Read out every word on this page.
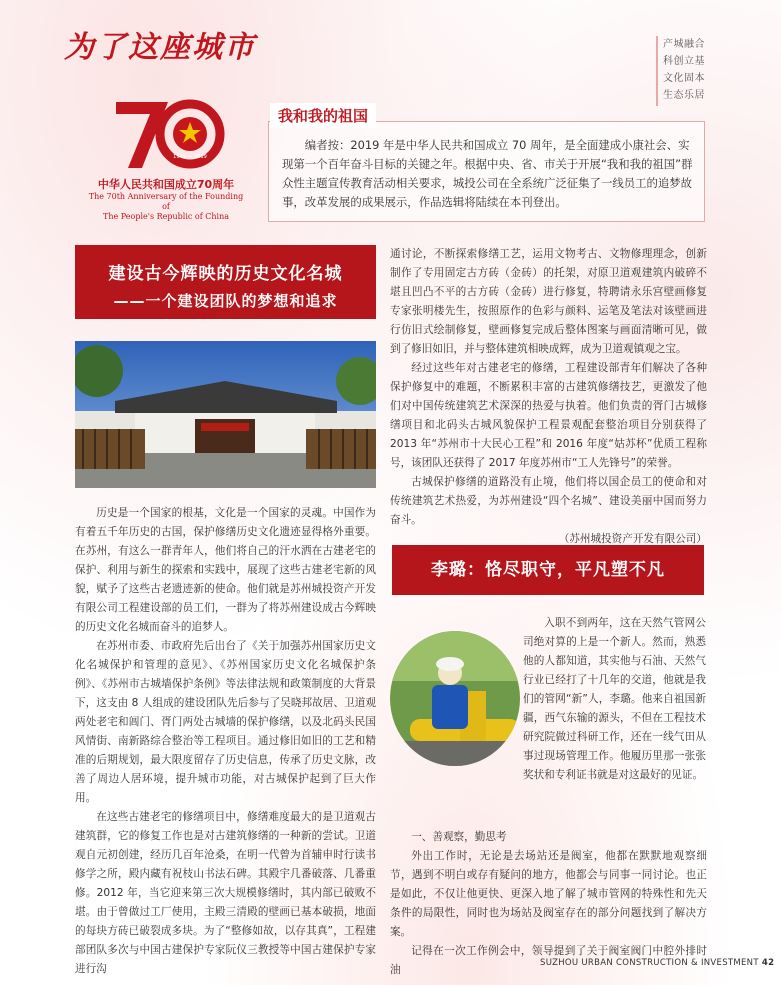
为了这座城市	产城融合
科创立基
文化固本
生态乐居
1949 — 2019
中华人民共和国成立70周年
The 70th Anniversary of the Founding of
The People's Republic of China
我和我的祖国
编者按：2019 年是中华人民共和国成立 70 周年，是全面建成小康社会、实现第一个百年奋斗目标的关键之年。根据中央、省、市关于开展“我和我的祖国”群众性主题宣传教育活动相关要求，城投公司在全系统广泛征集了一线员工的追梦故事，改革发展的成果展示，作品选辑将陆续在本刊登出。
建设古今辉映的历史文化名城
——一个建设团队的梦想和追求

历史是一个国家的根基，文化是一个国家的灵魂。中国作为有着五千年历史的古国，保护修缮历史文化遗迹显得格外重要。在苏州，有这么一群青年人，他们将自己的汗水洒在古建老宅的保护、利用与新生的探索和实践中，展现了这些古建老宅新的风貌，赋予了这些古老遗迹新的使命。他们就是苏州城投资产开发有限公司工程建设部的员工们，一群为了将苏州建设成古今辉映的历史文化名城而奋斗的追梦人。

在苏州市委、市政府先后出台了《关于加强苏州国家历史文化名城保护和管理的意见》、《苏州国家历史文化名城保护条例》、《苏州市古城墙保护条例》等法律法规和政策制度的大背景下，这支由 8 人组成的建设团队先后参与了吴晓邦故居、卫道观两处老宅和阊门、胥门两处古城墙的保护修缮，以及北码头民国风情街、南新路综合整治等工程项目。通过修旧如旧的工艺和精准的后期规划，最大限度留存了历史信息，传承了历史文脉，改善了周边人居环境，提升城市功能，对古城保护起到了巨大作用。

在这些古建老宅的修缮项目中，修缮难度最大的是卫道观古建筑群，它的修复工作也是对古建筑修缮的一种新的尝试。卫道观自元初创建，经历几百年沧桑，在明一代曾为首辅申时行读书修学之所，殿内藏有祝枝山书法石碑。其殿宇几番破落、几番重修。2012 年，当它迎来第三次大规模修缮时，其内部已破败不堪。由于曾做过工厂使用，主殿三清殿的壁画已基本破损，地面的每块方砖已破裂成多块。为了“整修如故，以存其真”，工程建部团队多次与中国古建保护专家阮仪三教授等中国古建保护专家进行沟

通讨论，不断探索修缮工艺，运用文物考古、文物修理理念，创新制作了专用固定古方砖（金砖）的托架，对原卫道观建筑内破碎不堪且凹凸不平的古方砖（金砖）进行修复，特聘请永乐宫壁画修复专家张明楼先生，按照原作的色彩与颜料、运笔及笔法对该壁画进行仿旧式绘制修复，壁画修复完成后整体图案与画面清晰可见，做到了修旧如旧，并与整体建筑相映成辉，成为卫道观镇观之宝。

经过这些年对古建老宅的修缮，工程建设部青年们解决了各种保护修复中的难题，不断累积丰富的古建筑修缮技艺，更激发了他们对中国传统建筑艺术深深的热爱与执着。他们负责的胥门古城修缮项目和北码头古城风貌保护工程景观配套整治项目分别获得了 2013 年“苏州市十大民心工程”和 2016 年度“姑苏杯”优质工程称号，该团队还获得了 2017 年度苏州市“工人先锋号”的荣誉。

古城保护修缮的道路没有止境，他们将以国企员工的使命和对传统建筑艺术热爱，为苏州建设“四个名城”、建设美丽中国而努力奋斗。

（苏州城投资产开发有限公司）

李璐：恪尽职守，平凡塑不凡

入职不到两年，这在天然气管网公司绝对算的上是一个新人。然而，熟悉他的人都知道，其实他与石油、天然气行业已经打了十几年的交道，他就是我们的管网“新”人，李璐。他来自祖国新疆，西气东输的源头，不但在工程技术研究院做过科研工作，还在一线气田从事过现场管理工作。他履历里那一张张奖状和专利证书就是对这最好的见证。

一、善观察，勤思考

外出工作时，无论是去场站还是阀室，他都在默默地观察细节，遇到不明白或存有疑问的地方，他都会与同事一同讨论。也正是如此，不仅让他更快、更深入地了解了城市管网的特殊性和先天条件的局限性，同时也为场站及阀室存在的部分问题找到了解决方案。

记得在一次工作例会中，领导提到了关于阀室阀门中腔外排时油

SUZHOU URBAN CONSTRUCTION & INVESTMENT 42
